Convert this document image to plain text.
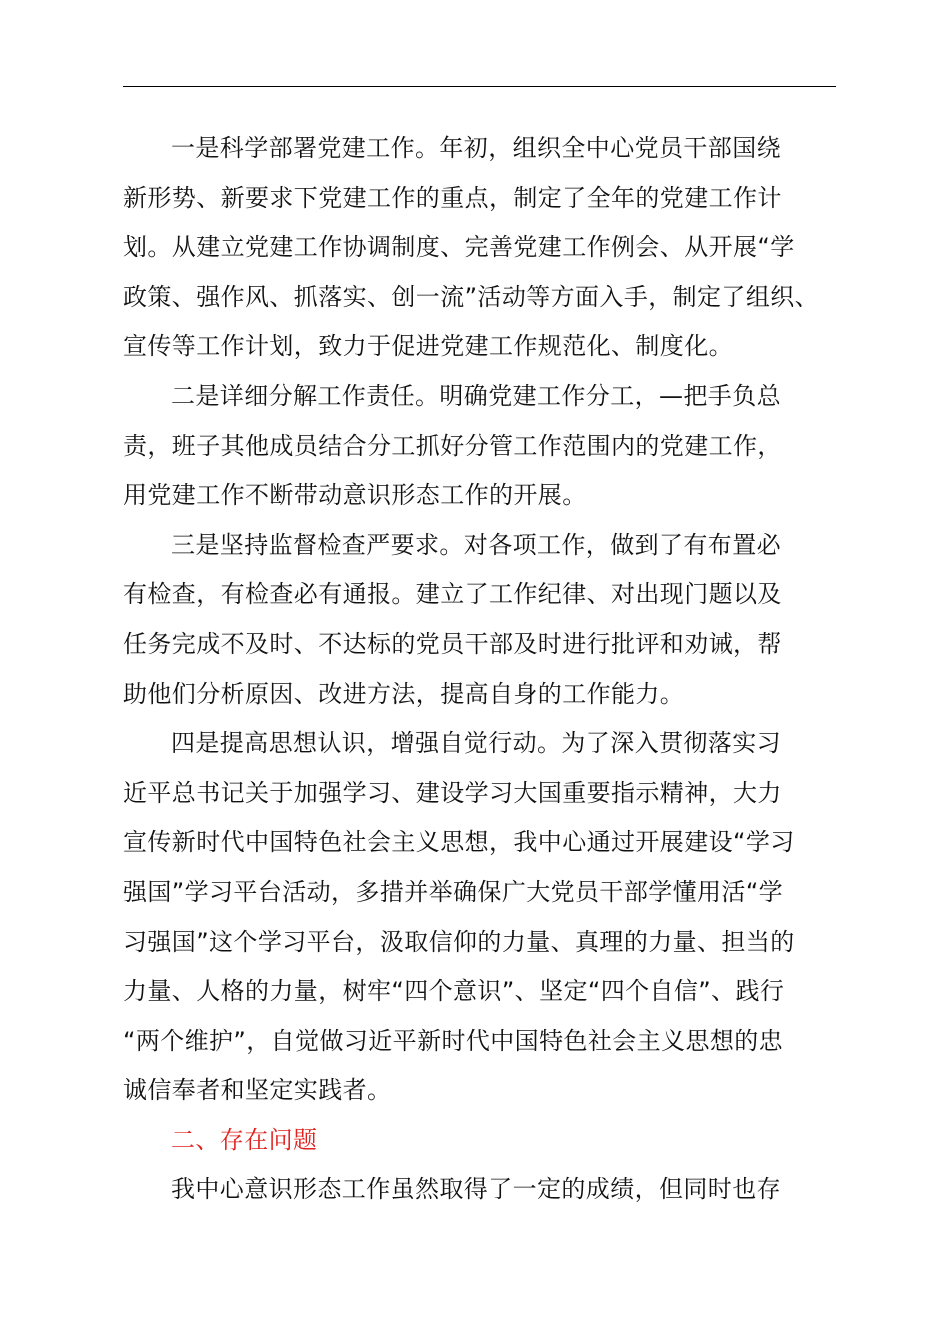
一是科学部署党建工作。年初，组织全中心党员干部国绕
新形势、新要求下党建工作的重点，制定了全年的党建工作计
划。从建立党建工作协调制度、完善党建工作例会、从开展“学
政策、强作风、抓落实、创一流”活动等方面入手，制定了组织、
宣传等工作计划，致力于促进党建工作规范化、制度化。

二是详细分解工作责任。明确党建工作分工，—把手负总
责，班子其他成员结合分工抓好分管工作范围内的党建工作，
用党建工作不断带动意识形态工作的开展。

三是坚持监督检查严要求。对各项工作，做到了有布置必
有检查，有检查必有通报。建立了工作纪律、对出现门题以及
任务完成不及时、不达标的党员干部及时进行批评和劝诫，帮
助他们分析原因、改进方法，提高自身的工作能力。

四是提高思想认识，增强自觉行动。为了深入贯彻落实习
近平总书记关于加强学习、建设学习大国重要指示精神，大力
宣传新时代中国特色社会主义思想，我中心通过开展建设“学习
强国”学习平台活动，多措并举确保广大党员干部学懂用活“学
习强国”这个学习平台，汲取信仰的力量、真理的力量、担当的
力量、人格的力量，树牢“四个意识”、坚定“四个自信”、践行
“两个维护”，自觉做习近平新时代中国特色社会主义思想的忠
诚信奉者和坚定实践者。

二、存在问题

我中心意识形态工作虽然取得了一定的成绩，但同时也存
